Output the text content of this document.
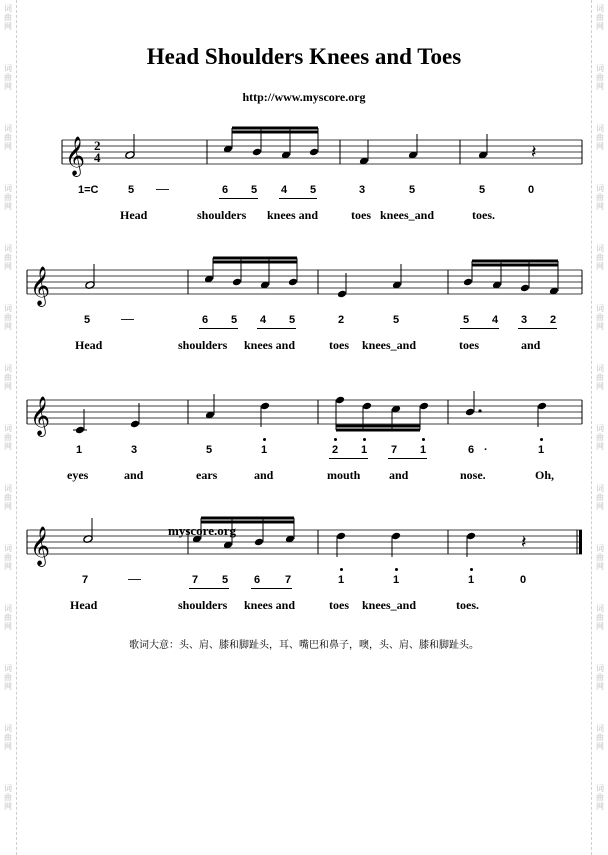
词
曲
网
词
曲
网
词
曲
网
词
曲
网
词
曲
网
词
曲
网
词
曲
网
词
曲
网
词
曲
网
词
曲
网
词
曲
网
词
曲
网
词
曲
网
词
曲
网
词
曲
网
词
曲
网
词
曲
网
词
曲
网
词
曲
网
词
曲
网
词
曲
网
词
曲
网
词
曲
网
词
曲
网
词
曲
网
词
曲
网
词
曲
网
词
曲
网
Head Shoulders Knees and Toes
http://www.myscore.org
𝄞
𝄞
𝄞
𝄞
𝄽
𝄽
2
4
1=C	5 —	6 5 4 5	3	5	5	0
5 —	6 5 4 5	2	5	5 4 3 2
1	3	5	1	2 1 7 1	6 ·	1
7	—	7 5 6 7	1	1	1	0
Head	shoulders knees and	toes knees_and	toes.
Head	shoulders knees and	toes knees_and	toes	and
eyes	and	ears	and	mouth and	nose.	Oh,
Head	shoulders knees and	toes knees_and	toes.
myscore.org
歌词大意：头、肩、膝和脚趾头，耳、嘴巴和鼻子，噢，头、肩、膝和脚趾头。
